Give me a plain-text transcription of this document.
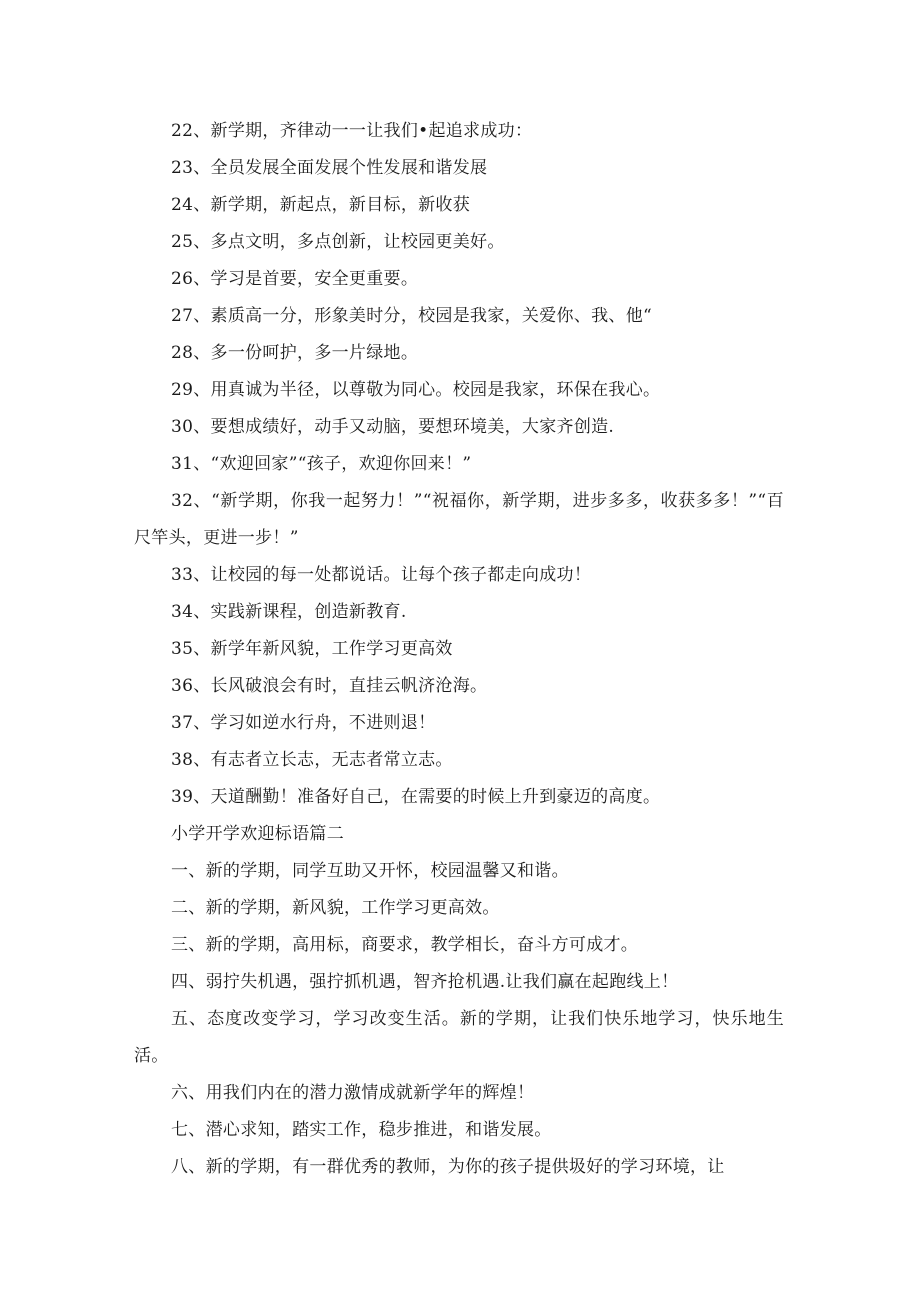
22、新学期，齐律动一一让我们•起追求成功：

23、全员发展全面发展个性发展和谐发展

24、新学期，新起点，新目标，新收获

25、多点文明，多点创新，让校园更美好。

26、学习是首要，安全更重要。

27、素质高一分，形象美时分，校园是我家，关爱你、我、他“

28、多一份呵护，多一片绿地。

29、用真诚为半径，以尊敬为同心。校园是我家，环保在我心。

30、要想成绩好，动手又动脑，要想环境美，大家齐创造.

31、“欢迎回家”“孩子，欢迎你回来！”

32、“新学期，你我一起努力！”“祝福你，新学期，进步多多，收获多多！”“百尺竿头，更进一步！”

33、让校园的每一处都说话。让每个孩子都走向成功！

34、实践新课程，创造新教育.

35、新学年新风貌，工作学习更高效

36、长风破浪会有时，直挂云帆济沧海。

37、学习如逆水行舟，不进则退！

38、有志者立长志，无志者常立志。

39、天道酬勤！准备好自己，在需要的时候上升到豪迈的高度。

小学开学欢迎标语篇二

一、新的学期，同学互助又开怀，校园温馨又和谐。

二、新的学期，新风貌，工作学习更高效。

三、新的学期，高用标，商要求，教学相长，奋斗方可成才。

四、弱拧失机遇，强拧抓机遇，智齐抢机遇.让我们赢在起跑线上！

五、态度改变学习，学习改变生活。新的学期，让我们快乐地学习，快乐地生活。

六、用我们内在的潜力激情成就新学年的辉煌！

七、潜心求知，踏实工作，稳步推进，和谐发展。

八、新的学期，有一群优秀的教师，为你的孩子提供圾好的学习环境，让
